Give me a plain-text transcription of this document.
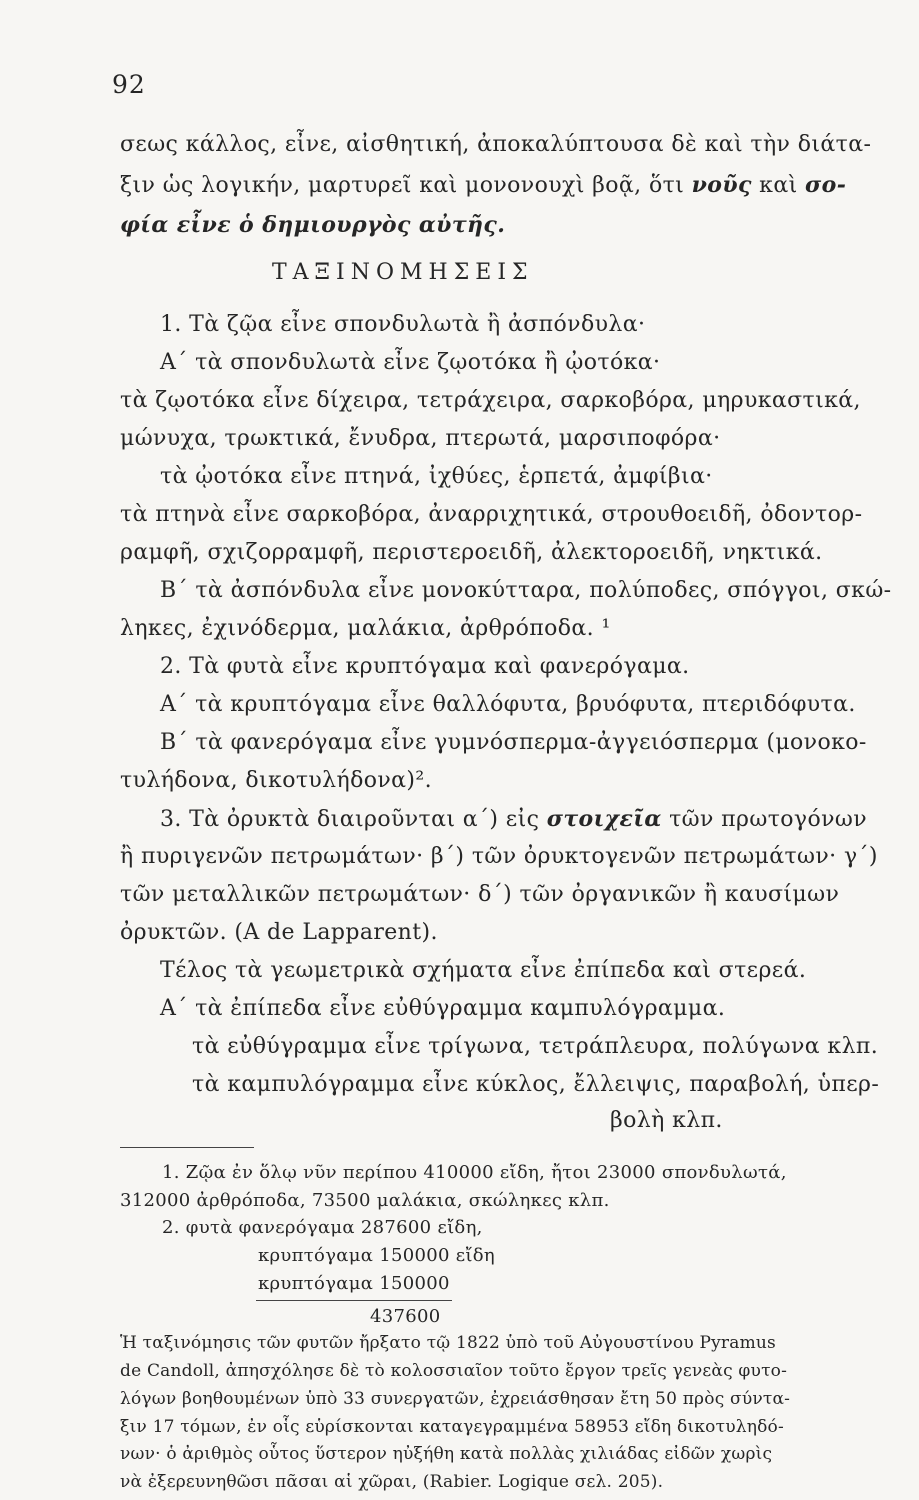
92
σεως κάλλος, εἶνε, αἰσθητική, ἀποκαλύπτουσα δὲ καὶ τὴν διάτα-
ξιν ὡς λογικήν, μαρτυρεῖ καὶ μονονουχὶ βοᾷ, ὅτι νοῦς καὶ σο-
φία εἶνε ὁ δημιουργὸς αὐτῆς.
ΤΑΞΙΝΟΜΗΣΕΙΣ
1. Τὰ ζῷα εἶνε σπονδυλωτὰ ἢ ἀσπόνδυλα·
Α΄ τὰ σπονδυλωτὰ εἶνε ζῳοτόκα ἢ ᾠοτόκα·
τὰ ζῳοτόκα εἶνε δίχειρα, τετράχειρα, σαρκοβόρα, μηρυκαστικά,
μώνυχα, τρωκτικά, ἔνυδρα, πτερωτά, μαρσιποφόρα·
τὰ ᾠοτόκα εἶνε πτηνά, ἰχθύες, ἑρπετά, ἀμφίβια·
τὰ πτηνὰ εἶνε σαρκοβόρα, ἀναρριχητικά, στρουθοειδῆ, ὀδοντορ-
ραμφῆ, σχιζορραμφῆ, περιστεροειδῆ, ἀλεκτοροειδῆ, νηκτικά.
Β΄ τὰ ἀσπόνδυλα εἶνε μονοκύτταρα, πολύποδες, σπόγγοι, σκώ-
ληκες, ἐχινόδερμα, μαλάκια, ἀρθρόποδα. ¹
2. Τὰ φυτὰ εἶνε κρυπτόγαμα καὶ φανερόγαμα.
Α΄ τὰ κρυπτόγαμα εἶνε θαλλόφυτα, βρυόφυτα, πτεριδόφυτα.
Β΄ τὰ φανερόγαμα εἶνε γυμνόσπερμα-ἀγγειόσπερμα (μονοκο-
τυλήδονα, δικοτυλήδονα)².
3. Τὰ ὀρυκτὰ διαιροῦνται α΄) εἰς στοιχεῖα τῶν πρωτογόνων
ἢ πυριγενῶν πετρωμάτων· β΄) τῶν ὀρυκτογενῶν πετρωμάτων· γ΄)
τῶν μεταλλικῶν πετρωμάτων· δ΄) τῶν ὀργανικῶν ἢ καυσίμων
ὀρυκτῶν. (A de Lapparent).
Τέλος τὰ γεωμετρικὰ σχήματα εἶνε ἐπίπεδα καὶ στερεά.
Α΄ τὰ ἐπίπεδα εἶνε εὐθύγραμμα καμπυλόγραμμα.
τὰ εὐθύγραμμα εἶνε τρίγωνα, τετράπλευρα, πολύγωνα κλπ.
τὰ καμπυλόγραμμα εἶνε κύκλος, ἔλλειψις, παραβολή, ὑπερ-
βολὴ κλπ.
1. Ζῷα ἐν ὅλῳ νῦν περίπου 410000 εἴδη, ἤτοι 23000 σπονδυλωτά,
312000 ἀρθρόποδα, 73500 μαλάκια, σκώληκες κλπ.
2. φυτὰ φανερόγαμα 287600 εἴδη,
κρυπτόγαμα 150000 εἴδη
κρυπτόγαμα 150000
437600
Ἡ ταξινόμησις τῶν φυτῶν ἤρξατο τῷ 1822 ὑπὸ τοῦ Αὐγουστίνου Pyramus
de Candoll, ἀπησχόλησε δὲ τὸ κολοσσιαῖον τοῦτο ἔργον τρεῖς γενεὰς φυτο-
λόγων βοηθουμένων ὑπὸ 33 συνεργατῶν, ἐχρειάσθησαν ἔτη 50 πρὸς σύντα-
ξιν 17 τόμων, ἐν οἷς εὑρίσκονται καταγεγραμμένα 58953 εἴδη δικοτυληδό-
νων· ὁ ἀριθμὸς οὗτος ὕστερον ηὐξήθη κατὰ πολλὰς χιλιάδας εἰδῶν χωρὶς
νὰ ἐξερευνηθῶσι πᾶσαι αἱ χῶραι, (Rabier. Logique σελ. 205).
